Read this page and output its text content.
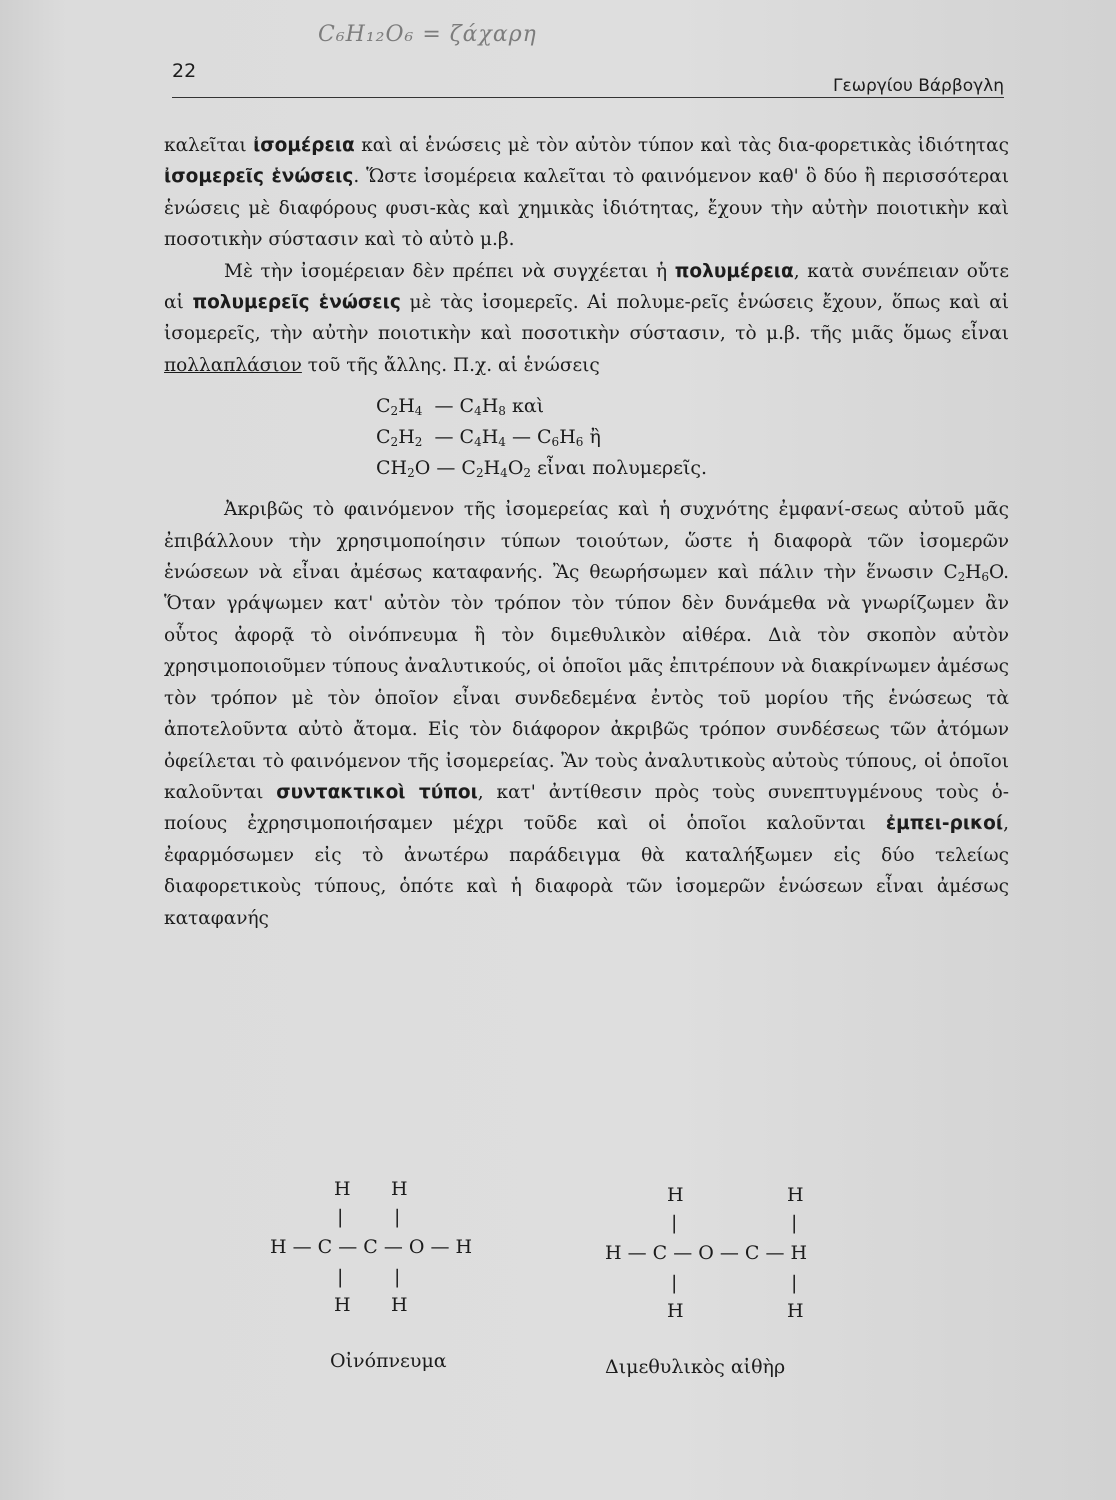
C₆H₁₂O₆ = ζάχαρη
22
Γεωργίου Βάρβογλη

καλεῖται ἰσομέρεια καὶ αἱ ἑνώσεις μὲ τὸν αὐτὸν τύπον καὶ τὰς δια-φορετικὰς ἰδιότητας ἰσομερεῖς ἑνώσεις. Ὥστε ἰσομέρεια καλεῖται τὸ φαινόμενον καθ' ὃ δύο ἢ περισσότεραι ἑνώσεις μὲ διαφόρους φυσι-κὰς καὶ χημικὰς ἰδιότητας, ἔχουν τὴν αὐτὴν ποιοτικὴν καὶ ποσοτικὴν σύστασιν καὶ τὸ αὐτὸ μ.β.

Μὲ τὴν ἰσομέρειαν δὲν πρέπει νὰ συγχέεται ἡ πολυμέρεια, κατὰ συνέπειαν οὔτε αἱ πολυμερεῖς ἑνώσεις μὲ τὰς ἰσομερεῖς. Αἱ πολυμε-ρεῖς ἑνώσεις ἔχουν, ὅπως καὶ αἱ ἰσομερεῖς, τὴν αὐτὴν ποιοτικὴν καὶ ποσοτικὴν σύστασιν, τὸ μ.β. τῆς μιᾶς ὅμως εἶναι πολλαπλάσιον τοῦ τῆς ἄλλης. Π.χ. αἱ ἑνώσεις

$C_2H_4$  — $C_4H_8$ καὶ
$C_2H_2$  — $C_4H_4$ — $C_6H_6$ ἢ
$CH_2O$ — $C_2H_4O_2$ εἶναι πολυμερεῖς.

Ἀκριβῶς τὸ φαινόμενον τῆς ἰσομερείας καὶ ἡ συχνότης ἐμφανί-σεως αὐτοῦ μᾶς ἐπιβάλλουν τὴν χρησιμοποίησιν τύπων τοιούτων, ὥστε ἡ διαφορὰ τῶν ἰσομερῶν ἑνώσεων νὰ εἶναι ἀμέσως καταφανής. Ἂς θεωρήσωμεν καὶ πάλιν τὴν ἕνωσιν $C_2H_6O$. Ὅταν γράψωμεν κατ' αὐτὸν τὸν τρόπον τὸν τύπον δὲν δυνάμεθα νὰ γνωρίζωμεν ἂν οὗτος ἀφορᾷ τὸ οἰνόπνευμα ἢ τὸν διμεθυλικὸν αἰθέρα. Διὰ τὸν σκοπὸν αὐτὸν χρησιμοποιοῦμεν τύπους ἀναλυτικούς, οἱ ὁποῖοι μᾶς ἐπιτρέπουν νὰ διακρίνωμεν ἀμέσως τὸν τρόπον μὲ τὸν ὁποῖον εἶναι συνδεδεμένα ἐντὸς τοῦ μορίου τῆς ἑνώσεως τὰ ἀποτελοῦντα αὐτὸ ἄτομα. Εἰς τὸν διάφορον ἀκριβῶς τρόπον συνδέσεως τῶν ἀτόμων ὀφείλεται τὸ φαινόμενον τῆς ἰσομερείας. Ἂν τοὺς ἀναλυτικοὺς αὐτοὺς τύπους, οἱ ὁποῖοι καλοῦνται συντακτικοὶ τύποι, κατ' ἀντίθεσιν πρὸς τοὺς συνεπτυγμένους τοὺς ὁ-ποίους ἐχρησιμοποιήσαμεν μέχρι τοῦδε καὶ οἱ ὁποῖοι καλοῦνται ἐμπει-ρικοί, ἐφαρμόσωμεν εἰς τὸ ἀνωτέρω παράδειγμα θὰ καταλήξωμεν εἰς δύο τελείως διαφορετικοὺς τύπους, ὁπότε καὶ ἡ διαφορὰ τῶν ἰσομερῶν ἑνώσεων εἶναι ἀμέσως καταφανής

H H
|	|
H — C — C — O — H
|	|
H H
Οἰνόπνευμα
H	H
|	|
H — C — O — C — H
|	|
H	H
Διμεθυλικὸς αἰθὴρ
